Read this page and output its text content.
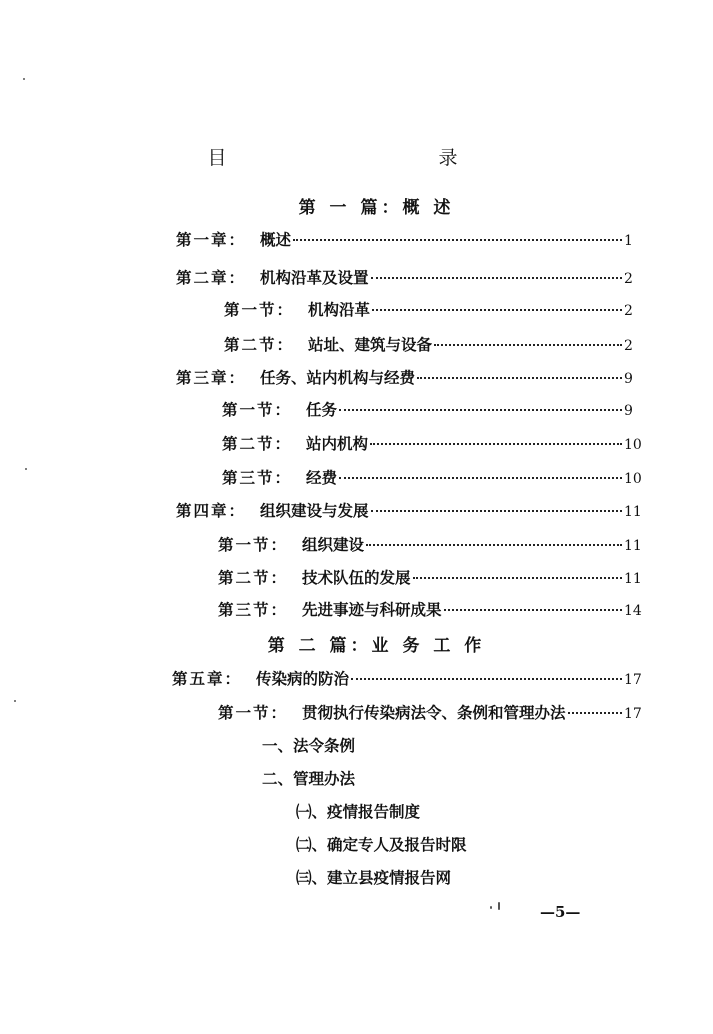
目　　录
第 一 篇：概 述
第一章： 概述	1
第二章： 机构沿革及设置	2
第一节： 机构沿革	2
第二节： 站址、建筑与设备	2
第三章： 任务、站内机构与经费	9
第一节： 任务	9
第二节： 站内机构	10
第三节： 经费	10
第四章： 组织建设与发展	11
第一节： 组织建设	11
第二节： 技术队伍的发展	11
第三节： 先进事迹与科研成果	14
第 二 篇：业 务 工 作
第五章： 传染病的防治	17
第一节： 贯彻执行传染病法令、条例和管理办法	17
一、法令条例
二、管理办法
㈠、疫情报告制度
㈡、确定专人及报告时限
㈢、建立县疫情报告网
—5—
